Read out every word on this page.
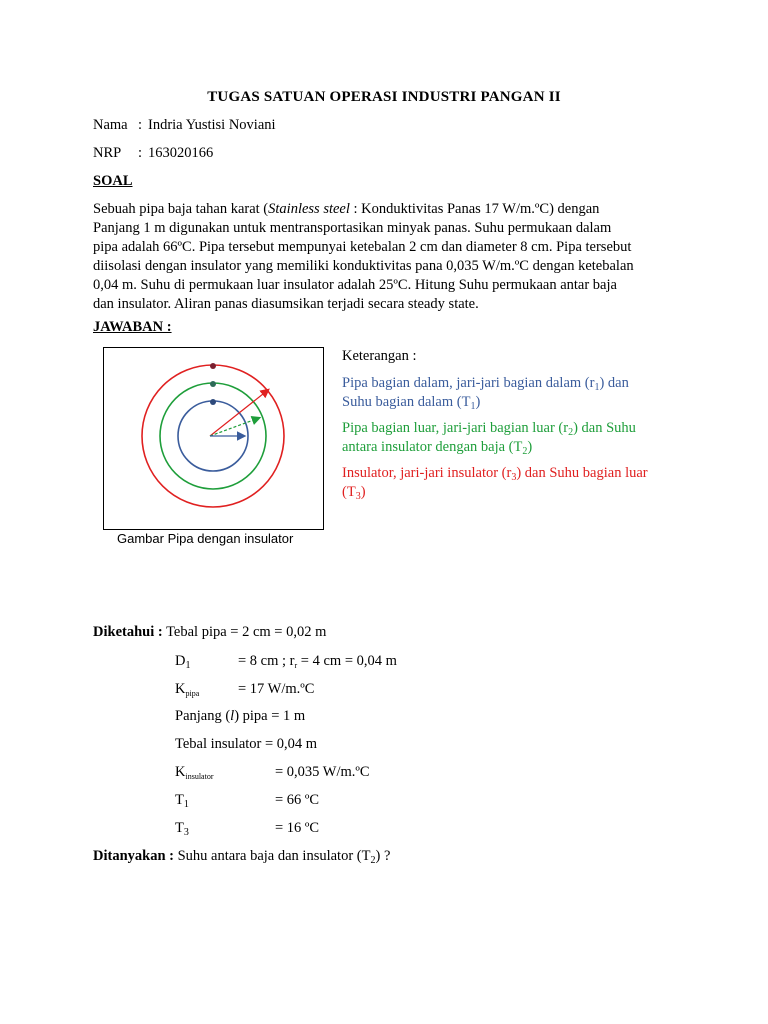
TUGAS SATUAN OPERASI INDUSTRI PANGAN II
Nama : Indria Yustisi Noviani
NRP : 163020166
SOAL

Sebuah pipa baja tahan karat (Stainless steel : Konduktivitas Panas 17 W/m.ºC) dengan

Panjang 1 m digunakan untuk mentransportasikan minyak panas. Suhu permukaan dalam

pipa adalah 66ºC. Pipa tersebut mempunyai ketebalan 2 cm dan diameter 8 cm. Pipa tersebut

diisolasi dengan insulator yang memiliki konduktivitas pana 0,035 W/m.ºC dengan ketebalan

0,04 m. Suhu di permukaan luar insulator adalah 25ºC. Hitung Suhu permukaan antar baja

dan insulator. Aliran panas diasumsikan terjadi secara steady state.

JAWABAN :
Gambar Pipa dengan insulator
Keterangan :
Pipa bagian dalam, jari-jari bagian dalam $(r_1)$ dan
Suhu bagian dalam $(T_1)$
Pipa bagian luar, jari-jari bagian luar $(r_2)$ dan Suhu
antara insulator dengan baja $(T_2)$
Insulator, jari-jari insulator $(r_3)$ dan Suhu bagian luar
$(T_3)$
Diketahui : Tebal pipa = 2 cm = 0,02 m
$D_1$	= 8 cm ; $r_r = 4$ cm = 0,04 m
$K_{pipa}$	= 17 W/m.ºC
Panjang (l) pipa = 1 m
Tebal insulator = 0,04 m
$K_{insulator}$	= 0,035 W/m.ºC
$T_1$	= 66 ºC
$T_3$	= 16 ºC
Ditanyakan : Suhu antara baja dan insulator $(T_2)$ ?
